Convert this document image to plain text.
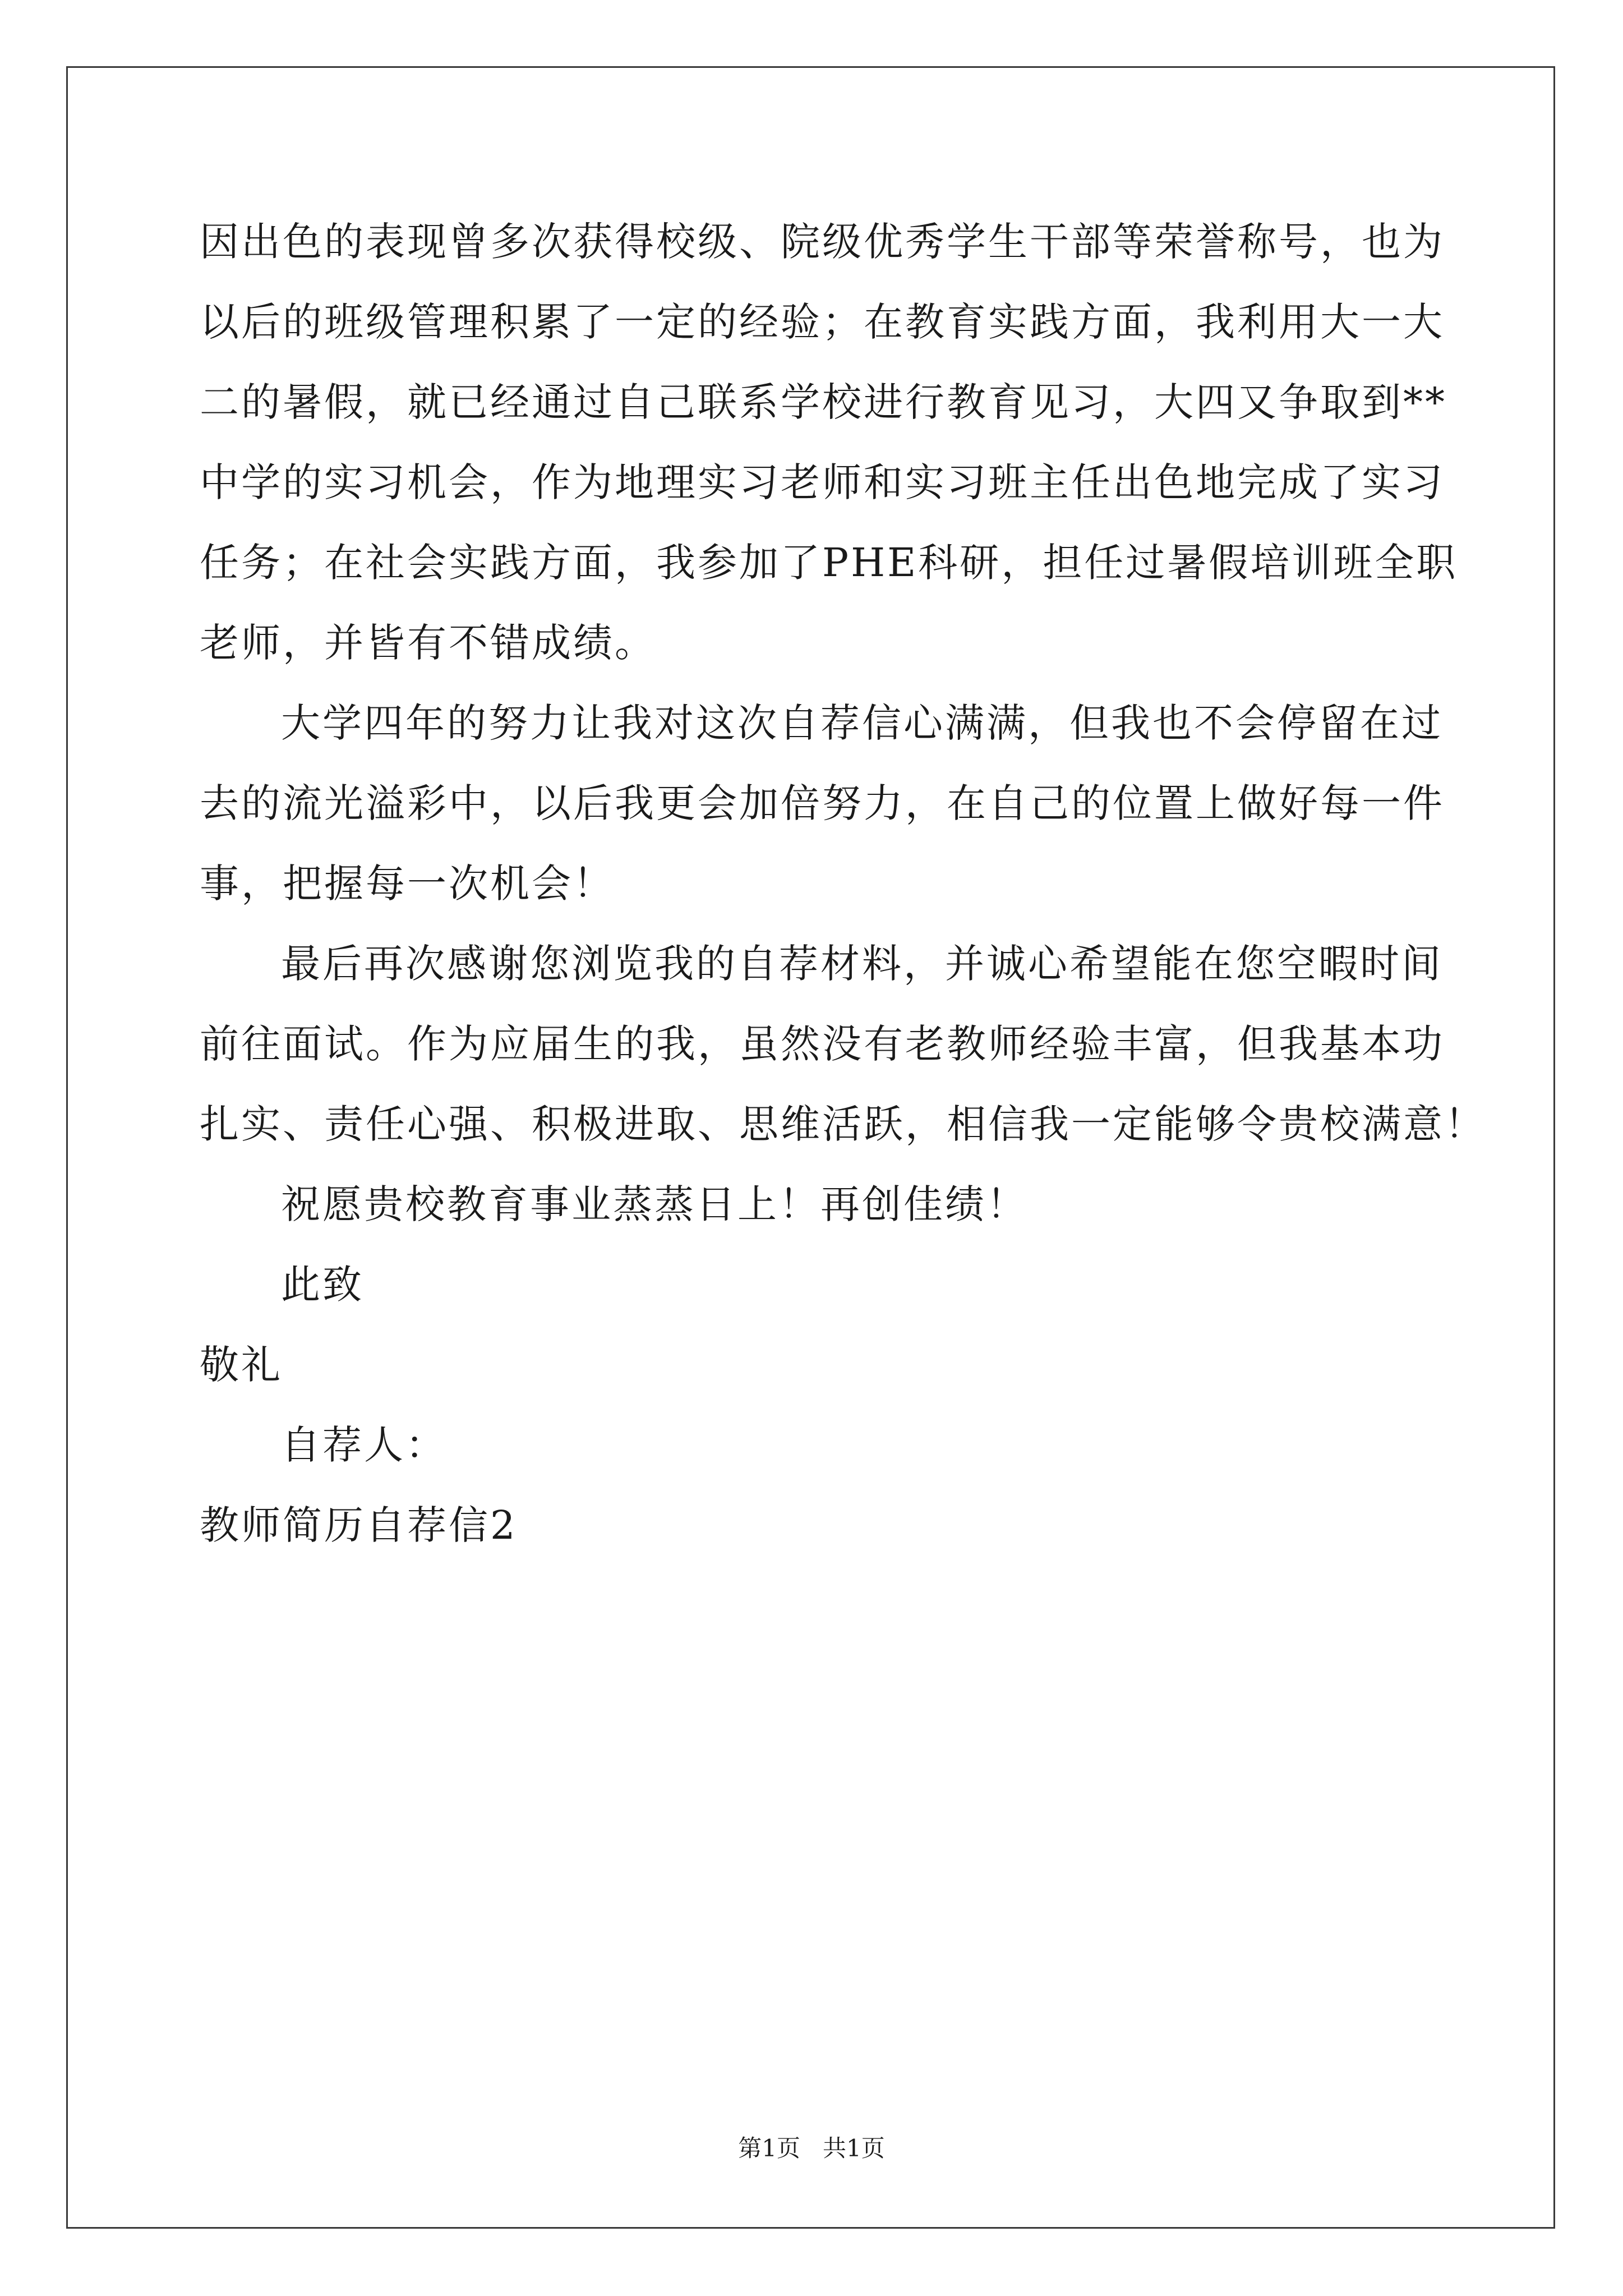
因出色的表现曾多次获得校级、院级优秀学生干部等荣誉称号，也为
以后的班级管理积累了一定的经验；在教育实践方面，我利用大一大
二的暑假，就已经通过自己联系学校进行教育见习，大四又争取到**
中学的实习机会，作为地理实习老师和实习班主任出色地完成了实习
任务；在社会实践方面，我参加了PHE科研，担任过暑假培训班全职
老师，并皆有不错成绩。
大学四年的努力让我对这次自荐信心满满，但我也不会停留在过
去的流光溢彩中，以后我更会加倍努力，在自己的位置上做好每一件
事，把握每一次机会！
最后再次感谢您浏览我的自荐材料，并诚心希望能在您空暇时间
前往面试。作为应届生的我，虽然没有老教师经验丰富，但我基本功
扎实、责任心强、积极进取、思维活跃，相信我一定能够令贵校满意！
祝愿贵校教育事业蒸蒸日上！再创佳绩！
此致
敬礼
自荐人：
教师简历自荐信2
第1页   共1页
